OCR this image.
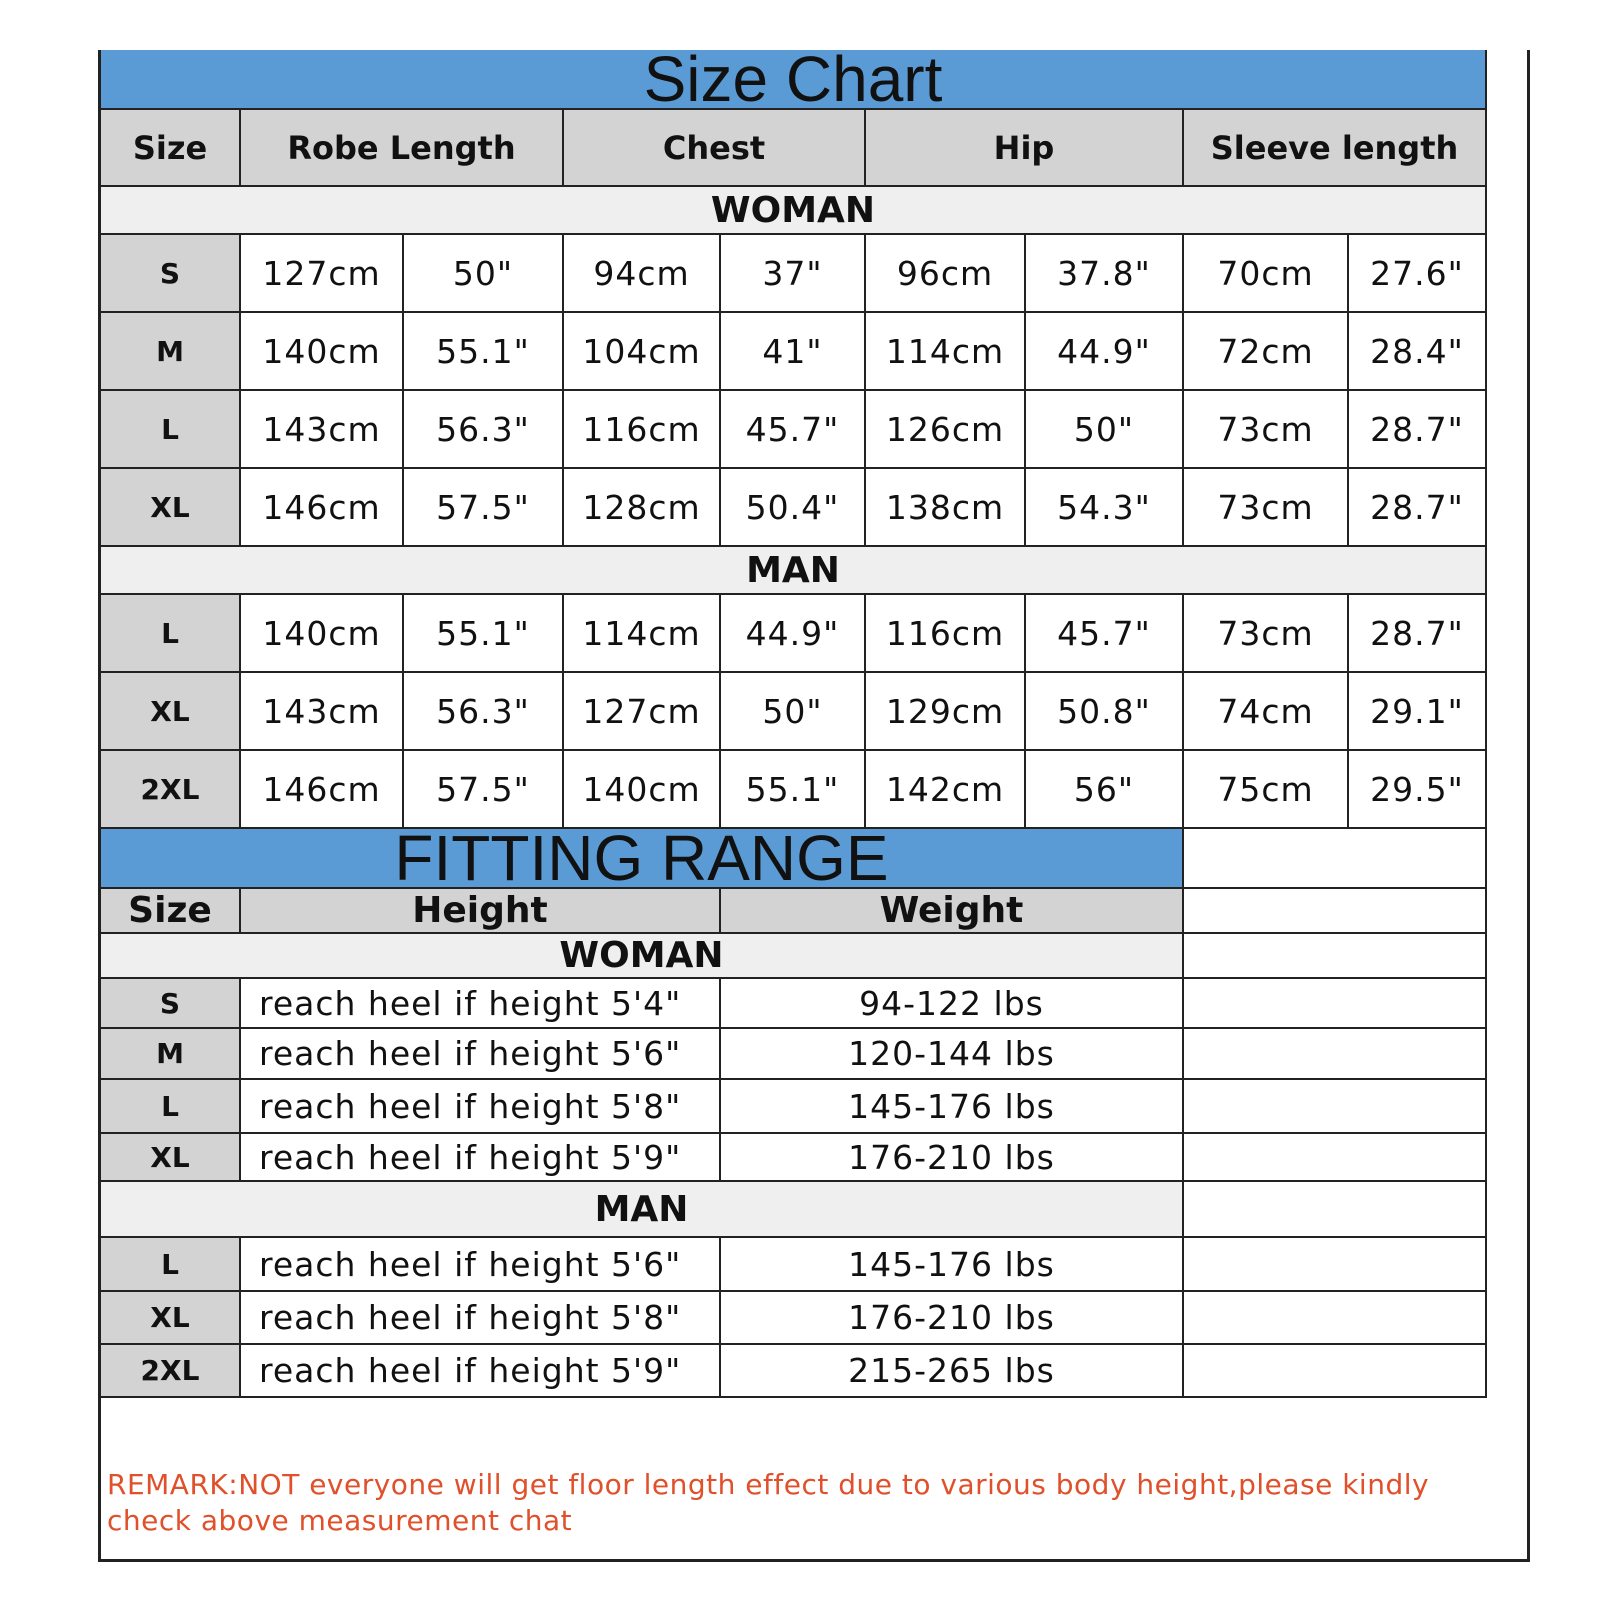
Size Chart
Size	Robe Length	Chest	Hip	Sleeve length
WOMAN
S	127cm	50"	94cm	37"	96cm	37.8"	70cm	27.6"
M	140cm	55.1"	104cm	41"	114cm	44.9"	72cm	28.4"
L	143cm	56.3"	116cm	45.7"	126cm	50"	73cm	28.7"
XL	146cm	57.5"	128cm	50.4"	138cm	54.3"	73cm	28.7"
MAN
L	140cm	55.1"	114cm	44.9"	116cm	45.7"	73cm	28.7"
XL	143cm	56.3"	127cm	50"	129cm	50.8"	74cm	29.1"
2XL	146cm	57.5"	140cm	55.1"	142cm	56"	75cm	29.5"
FITTING RANGE
Size	Height	Weight
WOMAN
S	reach heel if height 5'4"	94-122 lbs
M	reach heel if height 5'6"	120-144 lbs
L	reach heel if height 5'8"	145-176 lbs
XL	reach heel if height 5'9"	176-210 lbs
MAN
L	reach heel if height 5'6"	145-176 lbs
XL	reach heel if height 5'8"	176-210 lbs
2XL	reach heel if height 5'9"	215-265 lbs
REMARK:NOT everyone will get floor length effect due to various body height,please kindly check above measurement chat
